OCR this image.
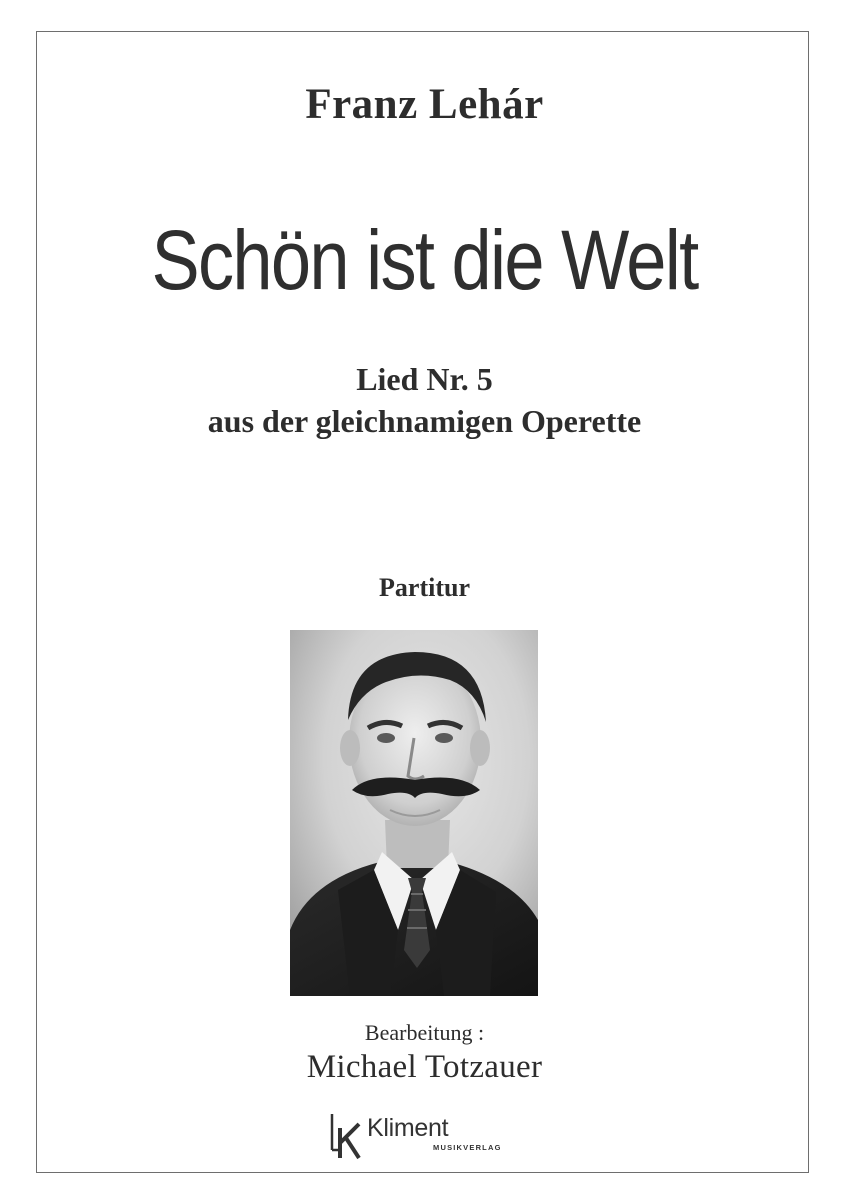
Franz Lehár
Schön ist die Welt
Lied Nr. 5
aus der gleichnamigen Operette
Partitur
Bearbeitung :
Michael Totzauer
Kliment
MUSIKVERLAG
